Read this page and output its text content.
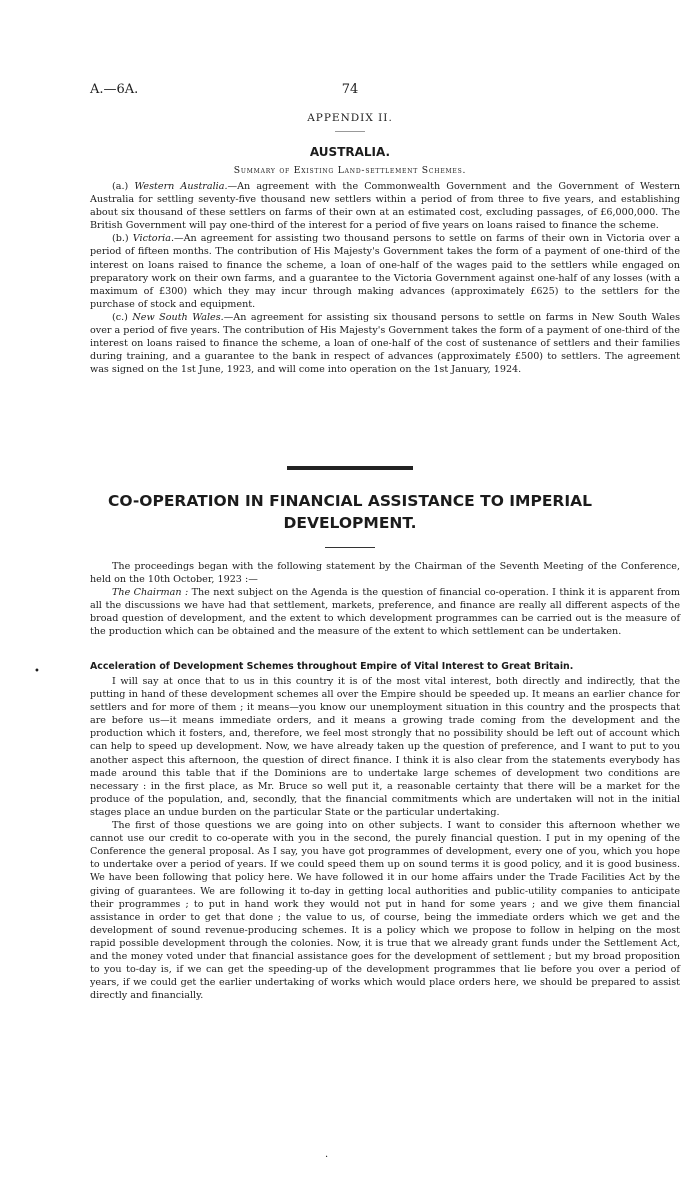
A.—6A.	74
APPENDIX II.
AUSTRALIA.
Summary of Existing Land-settlement Schemes.

(a.) Western Australia.—An agreement with the Commonwealth Government and the Government of Western Australia for settling seventy-five thousand new settlers within a period of from three to five years, and establishing about six thousand of these settlers on farms of their own at an estimated cost, excluding passages, of £6,000,000. The British Government will pay one-third of the interest for a period of five years on loans raised to finance the scheme.

(b.) Victoria.—An agreement for assisting two thousand persons to settle on farms of their own in Victoria over a period of fifteen months. The contribution of His Majesty's Government takes the form of a payment of one-third of the interest on loans raised to finance the scheme, a loan of one-half of the wages paid to the settlers while engaged on preparatory work on their own farms, and a guarantee to the Victoria Government against one-half of any losses (with a maximum of £300) which they may incur through making advances (approximately £625) to the settlers for the purchase of stock and equipment.

(c.) New South Wales.—An agreement for assisting six thousand persons to settle on farms in New South Wales over a period of five years. The contribution of His Majesty's Government takes the form of a payment of one-third of the interest on loans raised to finance the scheme, a loan of one-half of the cost of sustenance of settlers and their families during training, and a guarantee to the bank in respect of advances (approximately £500) to settlers. The agreement was signed on the 1st June, 1923, and will come into operation on the 1st January, 1924.

CO-OPERATION IN FINANCIAL ASSISTANCE TO IMPERIAL
DEVELOPMENT.

The proceedings began with the following statement by the Chairman of the Seventh Meeting of the Conference, held on the 10th October, 1923 :—

The Chairman : The next subject on the Agenda is the question of financial co-operation. I think it is apparent from all the discussions we have had that settlement, markets, preference, and finance are really all different aspects of the broad question of development, and the extent to which development programmes can be carried out is the measure of the production which can be obtained and the measure of the extent to which settlement can be undertaken.

•	Acceleration of Development Schemes throughout Empire of Vital Interest to Great Britain.

I will say at once that to us in this country it is of the most vital interest, both directly and indirectly, that the putting in hand of these development schemes all over the Empire should be speeded up. It means an earlier chance for settlers and for more of them ; it means—you know our unemployment situation in this country and the prospects that are before us—it means immediate orders, and it means a growing trade coming from the development and the production which it fosters, and, therefore, we feel most strongly that no possibility should be left out of account which can help to speed up development. Now, we have already taken up the question of preference, and I want to put to you another aspect this afternoon, the question of direct finance. I think it is also clear from the statements everybody has made around this table that if the Dominions are to undertake large schemes of development two conditions are necessary : in the first place, as Mr. Bruce so well put it, a reasonable certainty that there will be a market for the produce of the population, and, secondly, that the financial commitments which are undertaken will not in the initial stages place an undue burden on the particular State or the particular undertaking.

The first of those questions we are going into on other subjects. I want to consider this afternoon whether we cannot use our credit to co-operate with you in the second, the purely financial question. I put in my opening of the Conference the general proposal. As I say, you have got programmes of development, every one of you, which you hope to undertake over a period of years. If we could speed them up on sound terms it is good policy, and it is good business. We have been following that policy here. We have followed it in our home affairs under the Trade Facilities Act by the giving of guarantees. We are following it to-day in getting local authorities and public-utility companies to anticipate their programmes ; to put in hand work they would not put in hand for some years ; and we give them financial assistance in order to get that done ; the value to us, of course, being the immediate orders which we get and the development of sound revenue-producing schemes. It is a policy which we propose to follow in helping on the most rapid possible development through the colonies. Now, it is true that we already grant funds under the Settlement Act, and the money voted under that financial assistance goes for the development of settlement ; but my broad proposition to you to-day is, if we can get the speeding-up of the development programmes that lie before you over a period of years, if we could get the earlier undertaking of works which would place orders here, we should be prepared to assist directly and financially.

·
